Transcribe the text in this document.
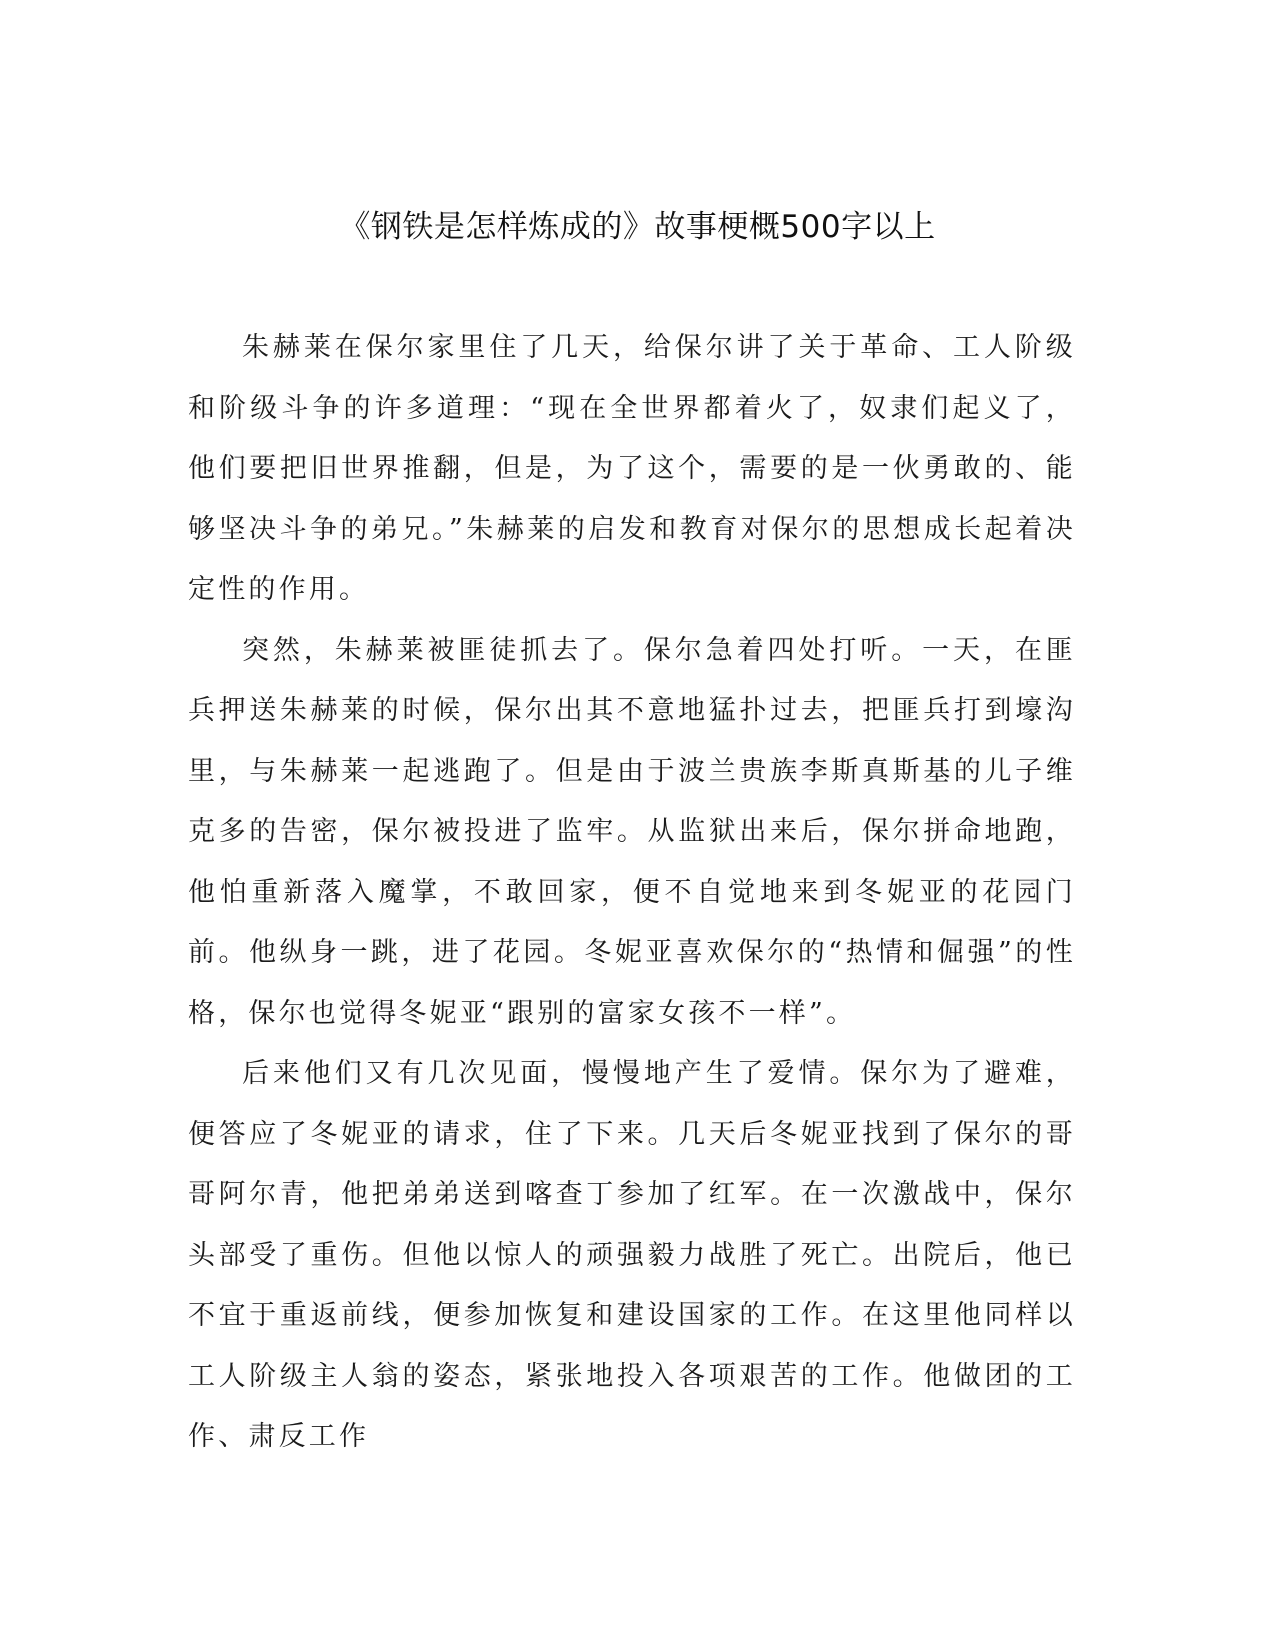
《钢铁是怎样炼成的》故事梗概500字以上

朱赫莱在保尔家里住了几天，给保尔讲了关于革命、工人阶级和阶级斗争的许多道理：“现在全世界都着火了，奴隶们起义了，他们要把旧世界推翻，但是，为了这个，需要的是一伙勇敢的、能够坚决斗争的弟兄。”朱赫莱的启发和教育对保尔的思想成长起着决定性的作用。

突然，朱赫莱被匪徒抓去了。保尔急着四处打听。一天，在匪兵押送朱赫莱的时候，保尔出其不意地猛扑过去，把匪兵打到壕沟里，与朱赫莱一起逃跑了。但是由于波兰贵族李斯真斯基的儿子维克多的告密，保尔被投进了监牢。从监狱出来后，保尔拼命地跑，他怕重新落入魔掌，不敢回家，便不自觉地来到冬妮亚的花园门前。他纵身一跳，进了花园。冬妮亚喜欢保尔的“热情和倔强”的性格，保尔也觉得冬妮亚“跟别的富家女孩不一样”。

后来他们又有几次见面，慢慢地产生了爱情。保尔为了避难，便答应了冬妮亚的请求，住了下来。几天后冬妮亚找到了保尔的哥哥阿尔青，他把弟弟送到喀查丁参加了红军。在一次激战中，保尔头部受了重伤。但他以惊人的顽强毅力战胜了死亡。出院后，他已不宜于重返前线，便参加恢复和建设国家的工作。在这里他同样以工人阶级主人翁的姿态，紧张地投入各项艰苦的工作。他做团的工作、肃反工作
